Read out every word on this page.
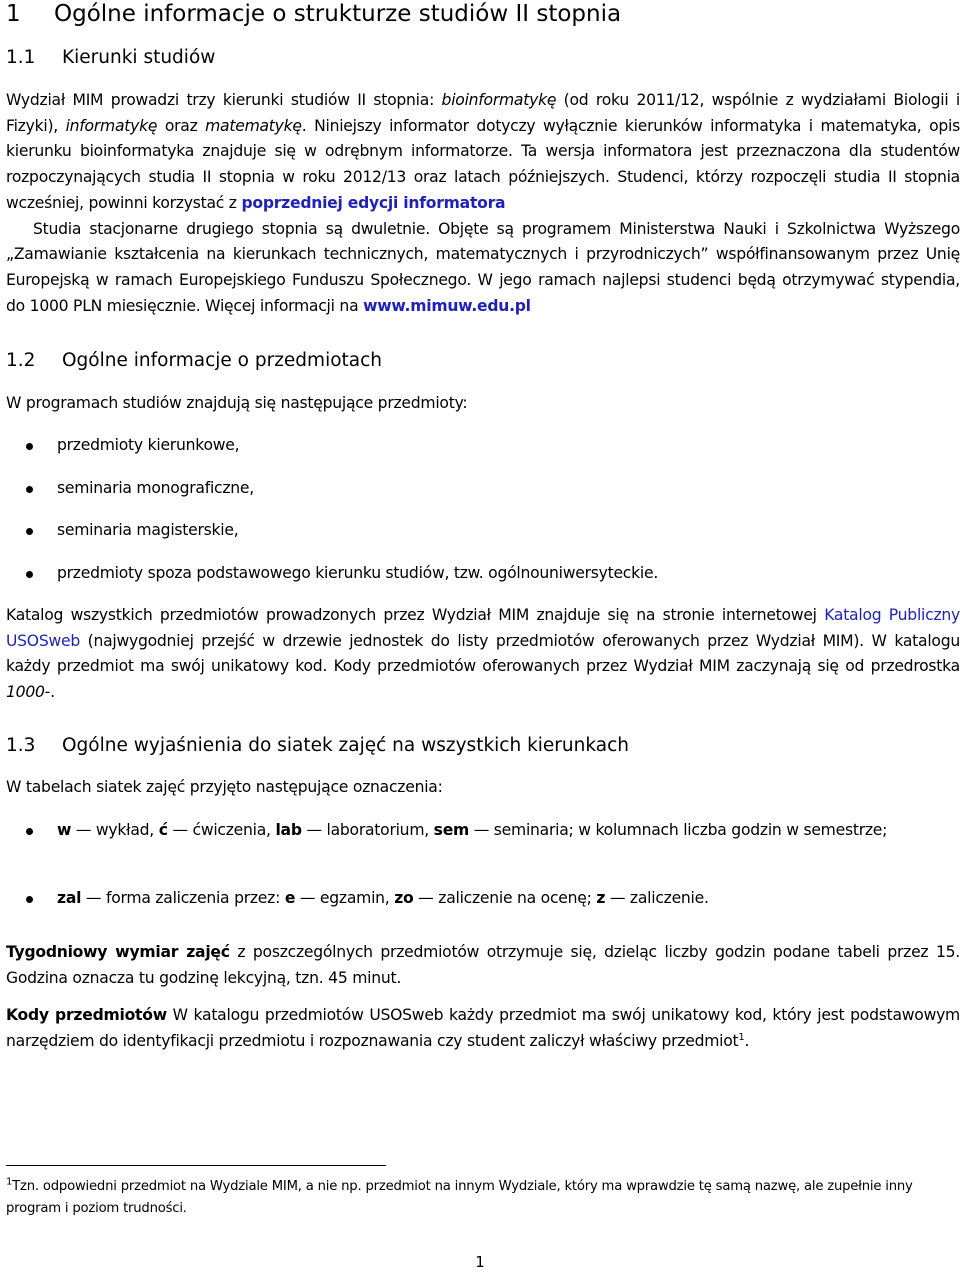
1 Ogólne informacje o strukturze studiów II stopnia
1.1 Kierunki studiów

Wydział MIM prowadzi trzy kierunki studiów II stopnia: bioinformatykę (od roku 2011/12, wspólnie z wydziałami Biologii i Fizyki), informatykę oraz matematykę. Niniejszy informator dotyczy wyłącznie kierunków informatyka i matematyka, opis kierunku bioinformatyka znajduje się w odrębnym informatorze. Ta wersja informatora jest przeznaczona dla studentów rozpoczynających studia II stopnia w roku 2012/13 oraz latach późniejszych. Studenci, którzy rozpoczęli studia II stopnia wcześniej, powinni korzystać z poprzedniej edycji informatora
Studia stacjonarne drugiego stopnia są dwuletnie. Objęte są programem Ministerstwa Nauki i Szkolnictwa Wyższego „Zamawianie kształcenia na kierunkach technicznych, matematycznych i przyrodniczych” współfinansowanym przez Unię Europejską w ramach Europejskiego Funduszu Społecznego. W jego ramach najlepsi studenci będą otrzymywać stypendia, do 1000 PLN miesięcznie. Więcej informacji na www.mimuw.edu.pl

1.2 Ogólne informacje o przedmiotach

W programach studiów znajdują się następujące przedmioty:

przedmioty kierunkowe,
seminaria monograficzne,
seminaria magisterskie,
przedmioty spoza podstawowego kierunku studiów, tzw. ogólnouniwersyteckie.

Katalog wszystkich przedmiotów prowadzonych przez Wydział MIM znajduje się na stronie internetowej Katalog Publiczny USOSweb (najwygodniej przejść w drzewie jednostek do listy przedmiotów oferowanych przez Wydział MIM). W katalogu każdy przedmiot ma swój unikatowy kod. Kody przedmiotów oferowanych przez Wydział MIM zaczynają się od przedrostka 1000-.

1.3 Ogólne wyjaśnienia do siatek zajęć na wszystkich kierunkach

W tabelach siatek zajęć przyjęto następujące oznaczenia:

w — wykład, ć — ćwiczenia, lab — laboratorium, sem — seminaria; w kolumnach liczba godzin w semestrze;
zal — forma zaliczenia przez: e — egzamin, zo — zaliczenie na ocenę; z — zaliczenie.

Tygodniowy wymiar zajęć z poszczególnych przedmiotów otrzymuje się, dzieląc liczby godzin podane tabeli przez 15. Godzina oznacza tu godzinę lekcyjną, tzn. 45 minut.

Kody przedmiotów W katalogu przedmiotów USOSweb każdy przedmiot ma swój unikatowy kod, który jest podstawowym narzędziem do identyfikacji przedmiotu i rozpoznawania czy student zaliczył właściwy przedmiot$^1$.

$^1$Tzn. odpowiedni przedmiot na Wydziale MIM, a nie np. przedmiot na innym Wydziale, który ma wprawdzie tę samą nazwę, ale zupełnie inny program i poziom trudności.
1
